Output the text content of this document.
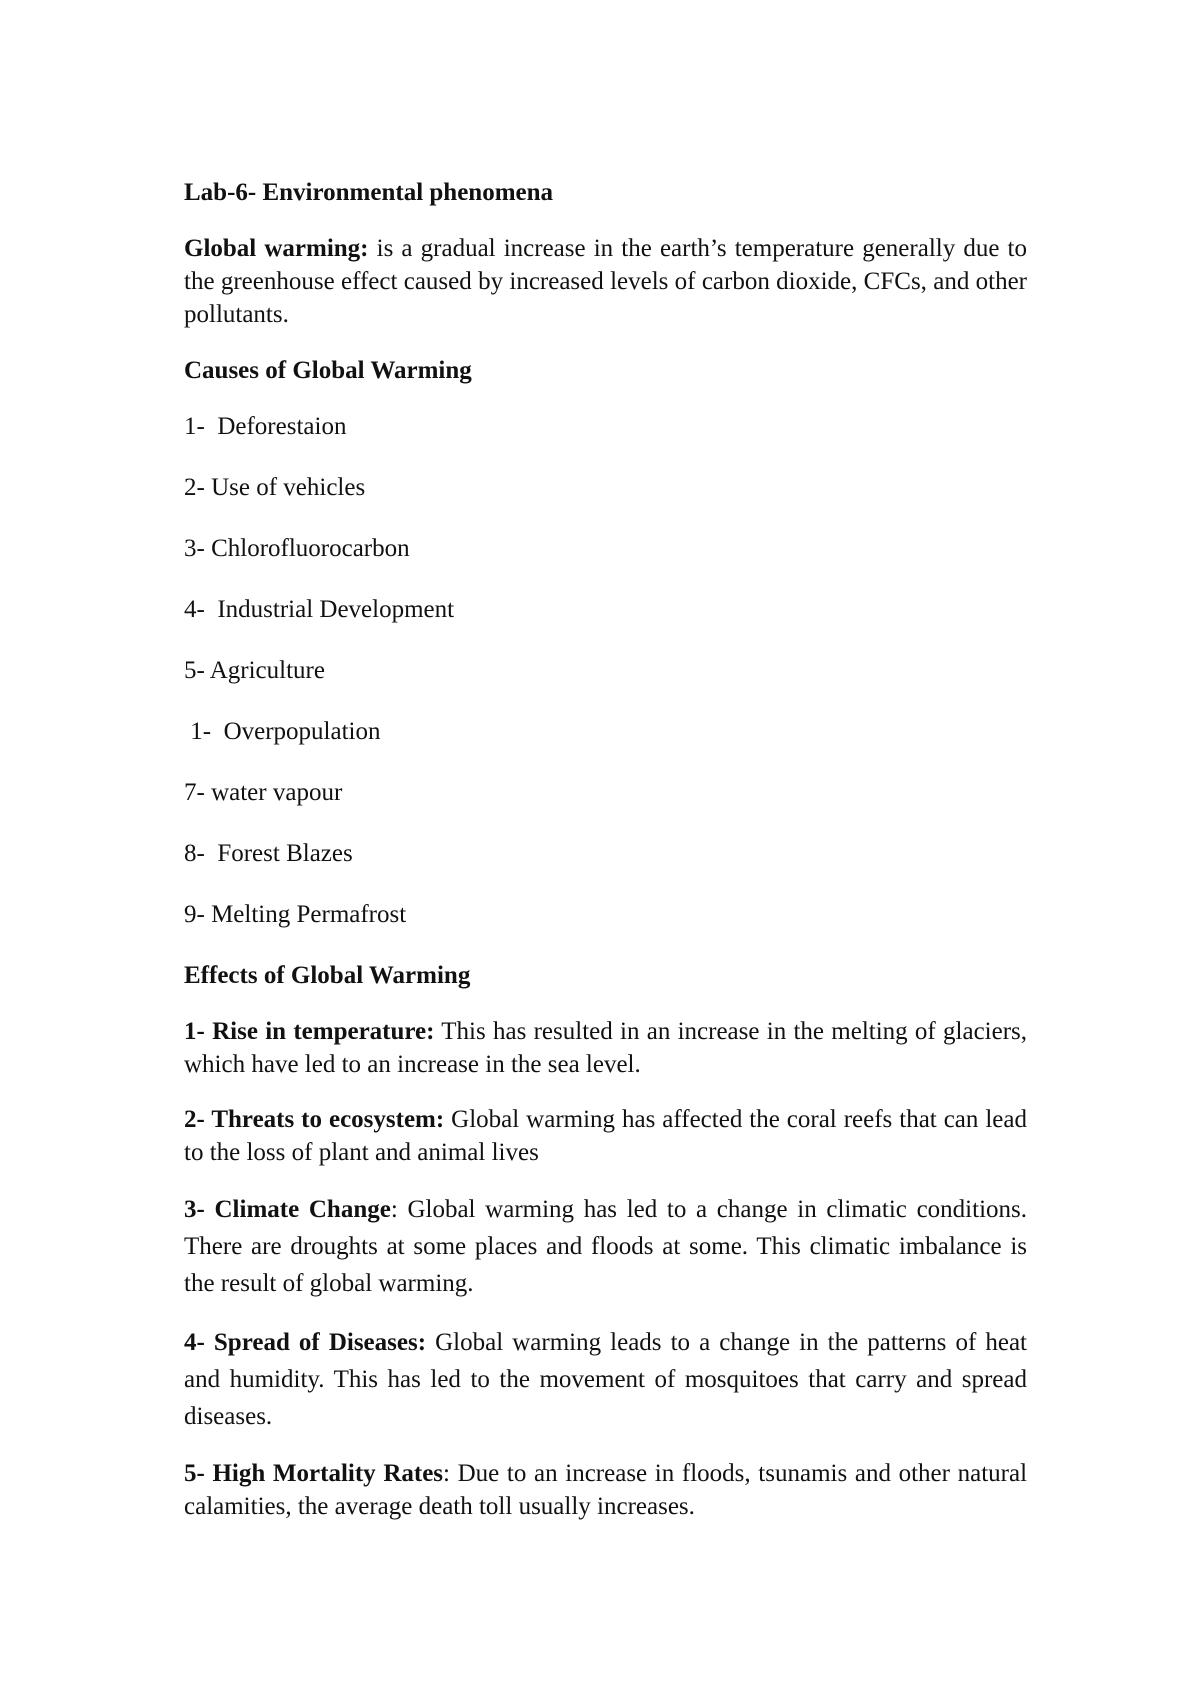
Lab-6- Environmental phenomena
Global warming: is a gradual increase in the earth’s temperature generally due to the greenhouse effect caused by increased levels of carbon dioxide, CFCs, and other pollutants.
Causes of Global Warming
1-  Deforestaion
2- Use of vehicles
3- Chlorofluorocarbon
4-  Industrial Development
5- Agriculture
1-  Overpopulation
7- water vapour
8-  Forest Blazes
9- Melting Permafrost
Effects of Global Warming
1- Rise in temperature: This has resulted in an increase in the melting of glaciers, which have led to an increase in the sea level.
2- Threats to ecosystem: Global warming has affected the coral reefs that can lead to the loss of plant and animal lives
3- Climate Change: Global warming has led to a change in climatic conditions. There are droughts at some places and floods at some. This climatic imbalance is the result of global warming.
4- Spread of Diseases: Global warming leads to a change in the patterns of heat and humidity. This has led to the movement of mosquitoes that carry and spread diseases.
5- High Mortality Rates: Due to an increase in floods, tsunamis and other natural calamities, the average death toll usually increases.
